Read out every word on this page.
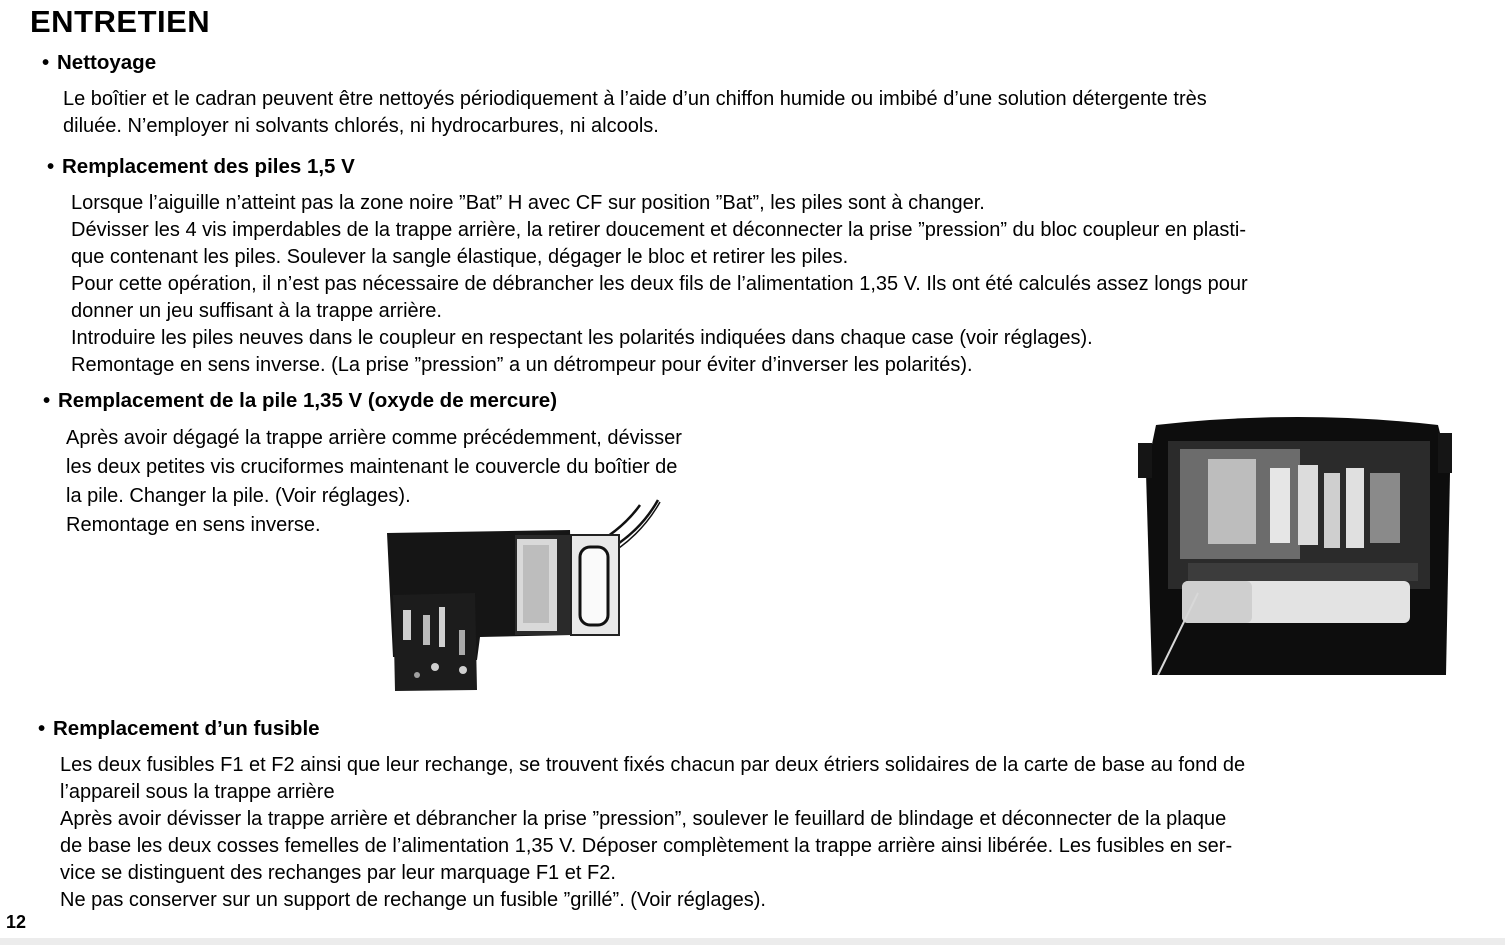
ENTRETIEN
• Nettoyage
Le boîtier et le cadran peuvent être nettoyés périodiquement à l’aide d’un chiffon humide ou imbibé d’une solution détergente très
diluée. N’employer ni solvants chlorés, ni hydrocarbures, ni alcools.
• Remplacement des piles 1,5 V
Lorsque l’aiguille n’atteint pas la zone noire ”Bat” H avec CF sur position ”Bat”, les piles sont à changer.
Dévisser les 4 vis imperdables de la trappe arrière, la retirer doucement et déconnecter la prise ”pression” du bloc coupleur en plasti-
que contenant les piles. Soulever la sangle élastique, dégager le bloc et retirer les piles.
Pour cette opération, il n’est pas nécessaire de débrancher les deux fils de l’alimentation 1,35 V. Ils ont été calculés assez longs pour
donner un jeu suffisant à la trappe arrière.
Introduire les piles neuves dans le coupleur en respectant les polarités indiquées dans chaque case (voir réglages).
Remontage en sens inverse. (La prise ”pression” a un détrompeur pour éviter d’inverser les polarités).
• Remplacement de la pile 1,35 V (oxyde de mercure)
Après avoir dégagé la trappe arrière comme précédemment, dévisser
les deux petites vis cruciformes maintenant le couvercle du boîtier de
la pile. Changer la pile. (Voir réglages).
Remontage en sens inverse.
• Remplacement d’un fusible
Les deux fusibles F1 et F2 ainsi que leur rechange, se trouvent fixés chacun par deux étriers solidaires de la carte de base au fond de
l’appareil sous la trappe arrière
Après avoir dévisser la trappe arrière et débrancher la prise ”pression”, soulever le feuillard de blindage et déconnecter de la plaque
de base les deux cosses femelles de l’alimentation 1,35 V. Déposer complètement la trappe arrière ainsi libérée. Les fusibles en ser-
vice se distinguent des rechanges par leur marquage F1 et F2.
Ne pas conserver sur un support de rechange un fusible ”grillé”. (Voir réglages).
12
